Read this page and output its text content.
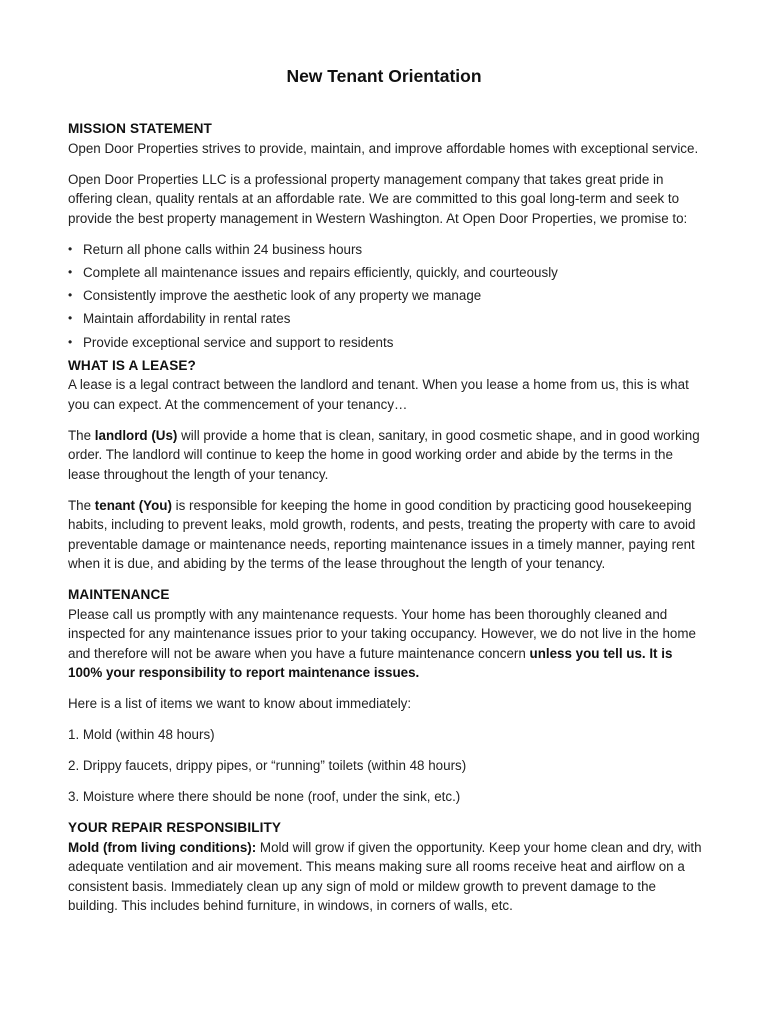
New Tenant Orientation
MISSION STATEMENT

Open Door Properties strives to provide, maintain, and improve affordable homes with exceptional service.

Open Door Properties LLC is a professional property management company that takes great pride in offering clean, quality rentals at an affordable rate. We are committed to this goal long-term and seek to provide the best property management in Western Washington. At Open Door Properties, we promise to:

• Return all phone calls within 24 business hours
• Complete all maintenance issues and repairs efficiently, quickly, and courteously
• Consistently improve the aesthetic look of any property we manage
• Maintain affordability in rental rates
• Provide exceptional service and support to residents
WHAT IS A LEASE?

A lease is a legal contract between the landlord and tenant. When you lease a home from us, this is what you can expect. At the commencement of your tenancy…

The landlord (Us) will provide a home that is clean, sanitary, in good cosmetic shape, and in good working order. The landlord will continue to keep the home in good working order and abide by the terms in the lease throughout the length of your tenancy.

The tenant (You) is responsible for keeping the home in good condition by practicing good housekeeping habits, including to prevent leaks, mold growth, rodents, and pests, treating the property with care to avoid preventable damage or maintenance needs, reporting maintenance issues in a timely manner, paying rent when it is due, and abiding by the terms of the lease throughout the length of your tenancy.

MAINTENANCE

Please call us promptly with any maintenance requests. Your home has been thoroughly cleaned and inspected for any maintenance issues prior to your taking occupancy. However, we do not live in the home and therefore will not be aware when you have a future maintenance concern unless you tell us. It is 100% your responsibility to report maintenance issues.

Here is a list of items we want to know about immediately:

1. Mold (within 48 hours)

2. Drippy faucets, drippy pipes, or “running” toilets (within 48 hours)

3. Moisture where there should be none (roof, under the sink, etc.)

YOUR REPAIR RESPONSIBILITY

Mold (from living conditions): Mold will grow if given the opportunity. Keep your home clean and dry, with adequate ventilation and air movement. This means making sure all rooms receive heat and airflow on a consistent basis. Immediately clean up any sign of mold or mildew growth to prevent damage to the building. This includes behind furniture, in windows, in corners of walls, etc.
